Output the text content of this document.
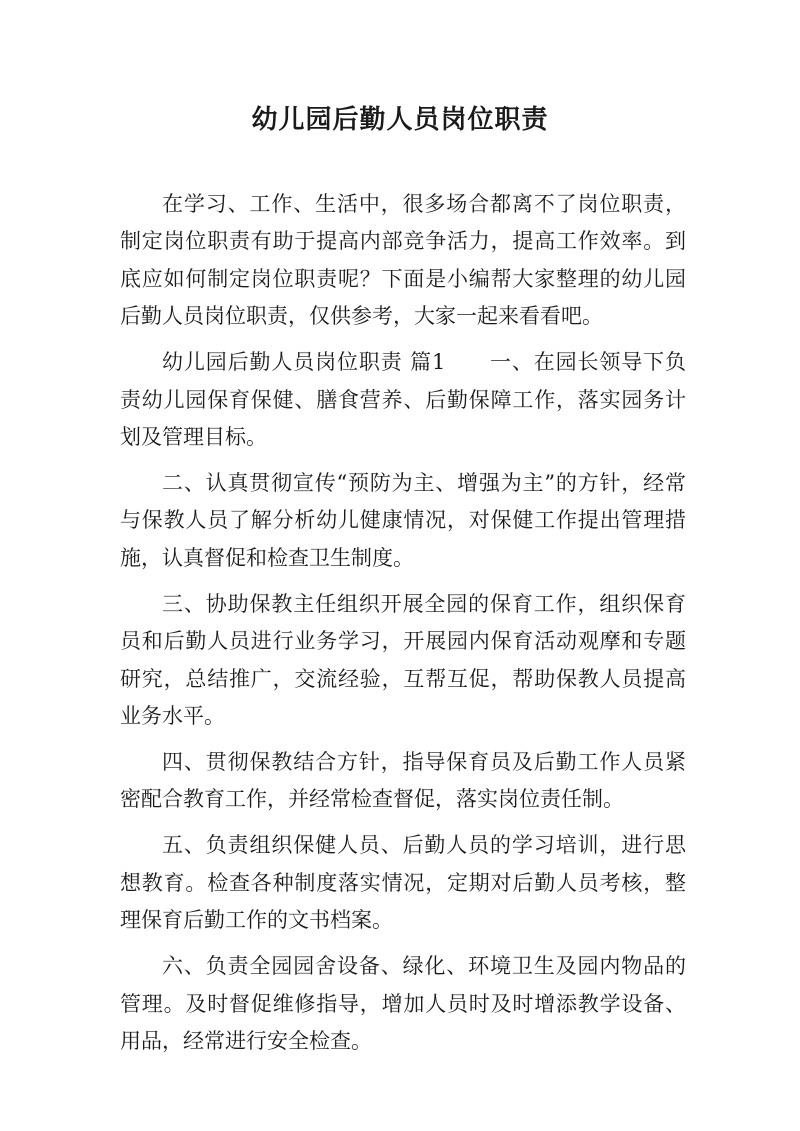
幼儿园后勤人员岗位职责

在学习、工作、生活中，很多场合都离不了岗位职责，制定岗位职责有助于提高内部竞争活力，提高工作效率。到底应如何制定岗位职责呢？下面是小编帮大家整理的幼儿园后勤人员岗位职责，仅供参考，大家一起来看看吧。

幼儿园后勤人员岗位职责 篇1　　一、在园长领导下负责幼儿园保育保健、膳食营养、后勤保障工作，落实园务计划及管理目标。

二、认真贯彻宣传“预防为主、增强为主”的方针，经常与保教人员了解分析幼儿健康情况，对保健工作提出管理措施，认真督促和检查卫生制度。

三、协助保教主任组织开展全园的保育工作，组织保育员和后勤人员进行业务学习，开展园内保育活动观摩和专题研究，总结推广，交流经验，互帮互促，帮助保教人员提高业务水平。

四、贯彻保教结合方针，指导保育员及后勤工作人员紧密配合教育工作，并经常检查督促，落实岗位责任制。

五、负责组织保健人员、后勤人员的学习培训，进行思想教育。检查各种制度落实情况，定期对后勤人员考核，整理保育后勤工作的文书档案。

六、负责全园园舍设备、绿化、环境卫生及园内物品的管理。及时督促维修指导，增加人员时及时增添教学设备、用品，经常进行安全检查。
